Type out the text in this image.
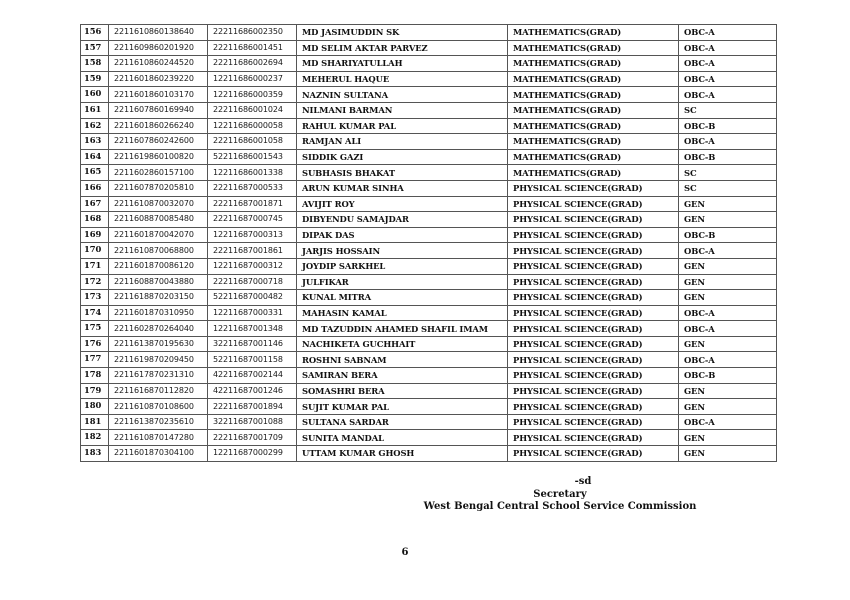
156	2211610860138640	22211686002350	MD JASIMUDDIN SK	MATHEMATICS(GRAD)	OBC-A
157	2211609860201920	22211686001451	MD SELIM AKTAR PARVEZ	MATHEMATICS(GRAD)	OBC-A
158	2211610860244520	22211686002694	MD SHARIYATULLAH	MATHEMATICS(GRAD)	OBC-A
159	2211601860239220	12211686000237	MEHERUL HAQUE	MATHEMATICS(GRAD)	OBC-A
160	2211601860103170	12211686000359	NAZNIN SULTANA	MATHEMATICS(GRAD)	OBC-A
161	2211607860169940	22211686001024	NILMANI BARMAN	MATHEMATICS(GRAD)	SC
162	2211601860266240	12211686000058	RAHUL KUMAR PAL	MATHEMATICS(GRAD)	OBC-B
163	2211607860242600	22211686001058	RAMJAN ALI	MATHEMATICS(GRAD)	OBC-A
164	2211619860100820	52211686001543	SIDDIK GAZI	MATHEMATICS(GRAD)	OBC-B
165	2211602860157100	12211686001338	SUBHASIS BHAKAT	MATHEMATICS(GRAD)	SC
166	2211607870205810	22211687000533	ARUN KUMAR SINHA	PHYSICAL SCIENCE(GRAD)	SC
167	2211610870032070	22211687001871	AVIJIT ROY	PHYSICAL SCIENCE(GRAD)	GEN
168	2211608870085480	22211687000745	DIBYENDU SAMAJDAR	PHYSICAL SCIENCE(GRAD)	GEN
169	2211601870042070	12211687000313	DIPAK DAS	PHYSICAL SCIENCE(GRAD)	OBC-B
170	2211610870068800	22211687001861	JARJIS HOSSAIN	PHYSICAL SCIENCE(GRAD)	OBC-A
171	2211601870086120	12211687000312	JOYDIP SARKHEL	PHYSICAL SCIENCE(GRAD)	GEN
172	2211608870043880	22211687000718	JULFIKAR	PHYSICAL SCIENCE(GRAD)	GEN
173	2211618870203150	52211687000482	KUNAL MITRA	PHYSICAL SCIENCE(GRAD)	GEN
174	2211601870310950	12211687000331	MAHASIN KAMAL	PHYSICAL SCIENCE(GRAD)	OBC-A
175	2211602870264040	12211687001348	MD TAZUDDIN AHAMED SHAFIL IMAM	PHYSICAL SCIENCE(GRAD)	OBC-A
176	2211613870195630	32211687001146	NACHIKETA GUCHHAIT	PHYSICAL SCIENCE(GRAD)	GEN
177	2211619870209450	52211687001158	ROSHNI SABNAM	PHYSICAL SCIENCE(GRAD)	OBC-A
178	2211617870231310	42211687002144	SAMIRAN BERA	PHYSICAL SCIENCE(GRAD)	OBC-B
179	2211616870112820	42211687001246	SOMASHRI BERA	PHYSICAL SCIENCE(GRAD)	GEN
180	2211610870108600	22211687001894	SUJIT KUMAR PAL	PHYSICAL SCIENCE(GRAD)	GEN
181	2211613870235610	32211687001088	SULTANA SARDAR	PHYSICAL SCIENCE(GRAD)	OBC-A
182	2211610870147280	22211687001709	SUNITA MANDAL	PHYSICAL SCIENCE(GRAD)	GEN
183	2211601870304100	12211687000299	UTTAM KUMAR GHOSH	PHYSICAL SCIENCE(GRAD)	GEN
-sd
Secretary
West Bengal Central School Service Commission
6
